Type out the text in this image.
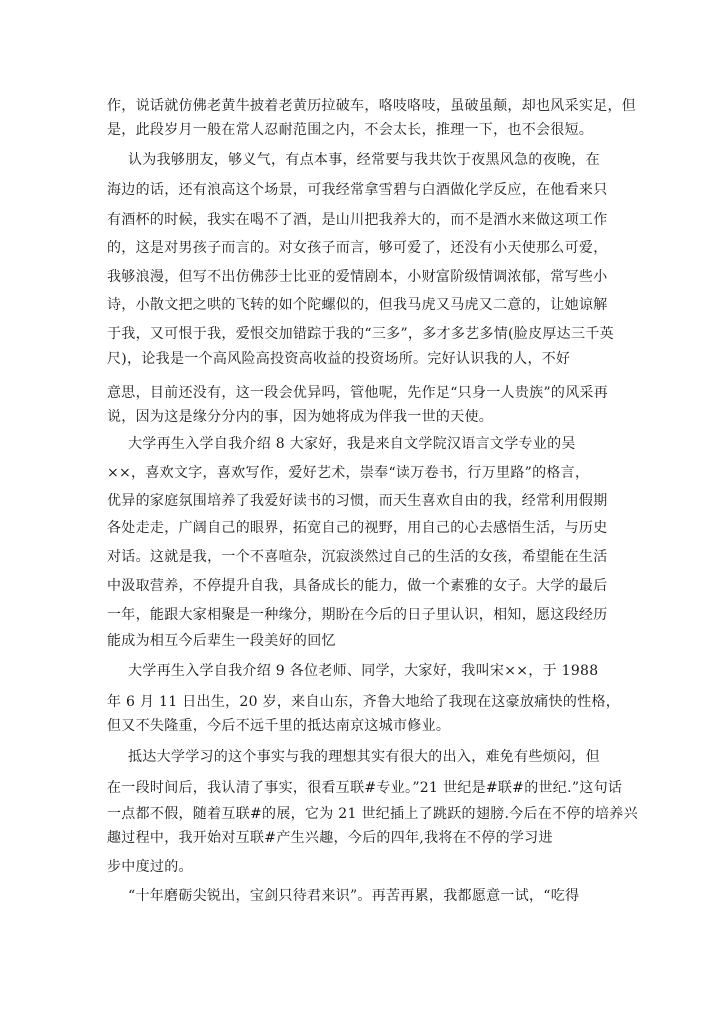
作，说话就仿佛老黄牛披着老黄历拉破车，咯吱咯吱，虽破虽颠，却也风采实足，但
是，此段岁月一般在常人忍耐范围之内，不会太长，推理一下，也不会很短。
认为我够朋友，够义气，有点本事，经常要与我共饮于夜黑风急的夜晚，在
海边的话，还有浪高这个场景，可我经常拿雪碧与白酒做化学反应，在他看来只
有酒杯的时候，我实在喝不了酒，是山川把我养大的，而不是酒水来做这项工作
的，这是对男孩子而言的。对女孩子而言，够可爱了，还没有小天使那么可爱，
我够浪漫，但写不出仿佛莎士比亚的爱情剧本，小财富阶级情调浓郁，常写些小
诗，小散文把之哄的飞转的如个陀螺似的，但我马虎又马虎又二意的，让她谅解
于我，又可恨于我，爱恨交加错踪于我的“三多”，多才多艺多情(脸皮厚达三千英
尺)，论我是一个高风险高投资高收益的投资场所。完好认识我的人，不好
意思，目前还没有，这一段会优异吗，管他呢，先作足“只身一人贵族”的风采再
说，因为这是缘分分内的事，因为她将成为伴我一世的天使。
大学再生入学自我介绍 8 大家好，我是来自文学院汉语言文学专业的吴
××，喜欢文字，喜欢写作，爱好艺术，崇奉“读万卷书，行万里路”的格言，
优异的家庭氛围培养了我爱好读书的习惯，而天生喜欢自由的我，经常利用假期
各处走走，广阔自己的眼界，拓宽自己的视野，用自己的心去感悟生活，与历史
对话。这就是我，一个不喜喧杂，沉寂淡然过自己的生活的女孩，希望能在生活
中汲取营养，不停提升自我，具备成长的能力，做一个素雅的女子。大学的最后
一年，能跟大家相聚是一种缘分，期盼在今后的日子里认识，相知，愿这段经历
能成为相互今后辈生一段美好的回忆
大学再生入学自我介绍 9 各位老师、同学，大家好，我叫宋××，于 1988
年 6 月 11 日出生，20 岁，来自山东，齐鲁大地给了我现在这豪放痛快的性格，
但又不失隆重，今后不远千里的抵达南京这城市修业。
抵达大学学习的这个事实与我的理想其实有很大的出入，难免有些烦闷，但
在一段时间后，我认清了事实，很看互联#专业。”21 世纪是#联#的世纪.”这句话
一点都不假，随着互联#的展，它为 21 世纪插上了跳跃的翅膀.今后在不停的培养兴
趣过程中，我开始对互联#产生兴趣，今后的四年,我将在不停的学习进
步中度过的。
“十年磨砺尖锐出，宝剑只待君来识”。再苦再累，我都愿意一试，“吃得
